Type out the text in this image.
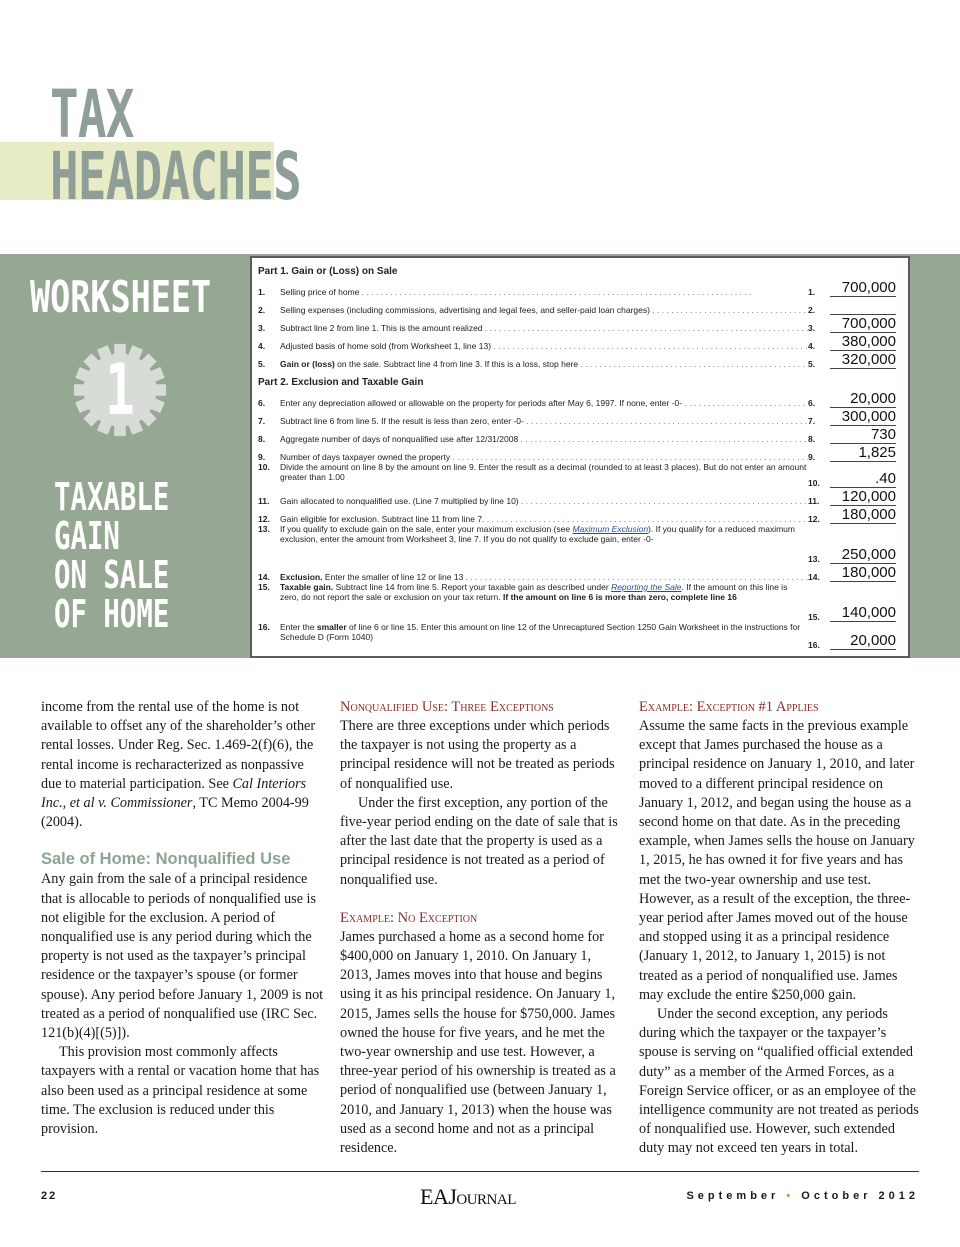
TAX
HEADACHES
WORKSHEET
1
TAXABLE
GAIN
ON SALE
OF HOME
Part 1. Gain or (Loss) on Sale
1.	Selling price of home . . .	1.	700,000
2.	Selling expenses (including commissions, advertising and legal fees, and seller-paid loan charges) . . .	2.
3.	Subtract line 2 from line 1. This is the amount realized . . .	3.	700,000
4.	Adjusted basis of home sold (from Worksheet 1, line 13) . . .	4.	380,000
5.	Gain or (loss) on the sale. Subtract line 4 from line 3. If this is a loss, stop here . . .	5.	320,000
Part 2. Exclusion and Taxable Gain
6.	Enter any depreciation allowed or allowable on the property for periods after May 6, 1997. If none, enter -0- . . .	6.	20,000
7.	Subtract line 6 from line 5. If the result is less than zero, enter -0- . . .	7.	300,000
8.	Aggregate number of days of nonqualified use after 12/31/2008 . . .	8.	730
9.	Number of days taxpayer owned the property . . .	9.	1,825
10.	Divide the amount on line 8 by the amount on line 9. Enter the result as a decimal (rounded to at least 3 places). But do not enter an amount greater than 1.00
10.	.40
11.	Gain allocated to nonqualified use. (Line 7 multiplied by line 10) . . .	11.	120,000
12.	Gain eligible for exclusion. Subtract line 11 from line 7. . . .	12.	180,000
13.	If you qualify to exclude gain on the sale, enter your maximum exclusion (see Maximum Exclusion). If you qualify for a reduced maximum exclusion, enter the amount from Worksheet 3, line 7. If you do not qualify to exclude gain, enter -0-
13.	250,000
14.	Exclusion. Enter the smaller of line 12 or line 13 . . .	14.	180,000
15.	Taxable gain. Subtract line 14 from line 5. Report your taxable gain as described under Reporting the Sale. If the amount on this line is zero, do not report the sale or exclusion on your tax return. If the amount on line 6 is more than zero, complete line 16
15.	140,000
16.	Enter the smaller of line 6 or line 15. Enter this amount on line 12 of the Unrecaptured Section 1250 Gain Worksheet in the instructions for Schedule D (Form 1040)
16.	20,000

income from the rental use of the home is not available to offset any of the shareholder’s other rental losses. Under Reg. Sec. 1.469-2(f)(6), the rental income is recharacterized as nonpassive due to material participation. See Cal Interiors Inc., et al v. Commissioner, TC Memo 2004-99 (2004).

Sale of Home: Nonqualified Use

Any gain from the sale of a principal residence that is allocable to periods of nonqualified use is not eligible for the exclusion. A period of nonqualified use is any period during which the property is not used as the taxpayer’s principal residence or the taxpayer’s spouse (or former spouse). Any period before January 1, 2009 is not treated as a period of nonqualified use (IRC Sec. 121(b)(4)[(5)]).

This provision most commonly affects taxpayers with a rental or vacation home that has also been used as a principal residence at some time. The exclusion is reduced under this provision.

Nonqualified Use: Three Exceptions

There are three exceptions under which periods the taxpayer is not using the property as a principal residence will not be treated as periods of nonqualified use.

Under the first exception, any portion of the five-year period ending on the date of sale that is after the last date that the property is used as a principal residence is not treated as a period of nonqualified use.

Example: No Exception

James purchased a home as a second home for $400,000 on January 1, 2010. On January 1, 2013, James moves into that house and begins using it as his principal residence. On January 1, 2015, James sells the house for $750,000. James owned the house for five years, and he met the two-year ownership and use test. However, a three-year period of his ownership is treated as a period of nonqualified use (between January 1, 2010, and January 1, 2013) when the house was used as a second home and not as a principal residence.

Example: Exception #1 Applies

Assume the same facts in the previous example except that James purchased the house as a principal residence on January 1, 2010, and later moved to a different principal residence on January 1, 2012, and began using the house as a second home on that date. As in the preceding example, when James sells the house on January 1, 2015, he has owned it for five years and has met the two-year ownership and use test. However, as a result of the exception, the three-year period after James moved out of the house and stopped using it as a principal residence (January 1, 2012, to January 1, 2015) is not treated as a period of nonqualified use. James may exclude the entire $250,000 gain.

Under the second exception, any periods during which the taxpayer or the taxpayer’s spouse is serving on “qualified official extended duty” as a member of the Armed Forces, as a Foreign Service officer, or as an employee of the intelligence community are not treated as periods of nonqualified use. However, such extended duty may not exceed ten years in total.

22	EAJournal	September • October 2012
